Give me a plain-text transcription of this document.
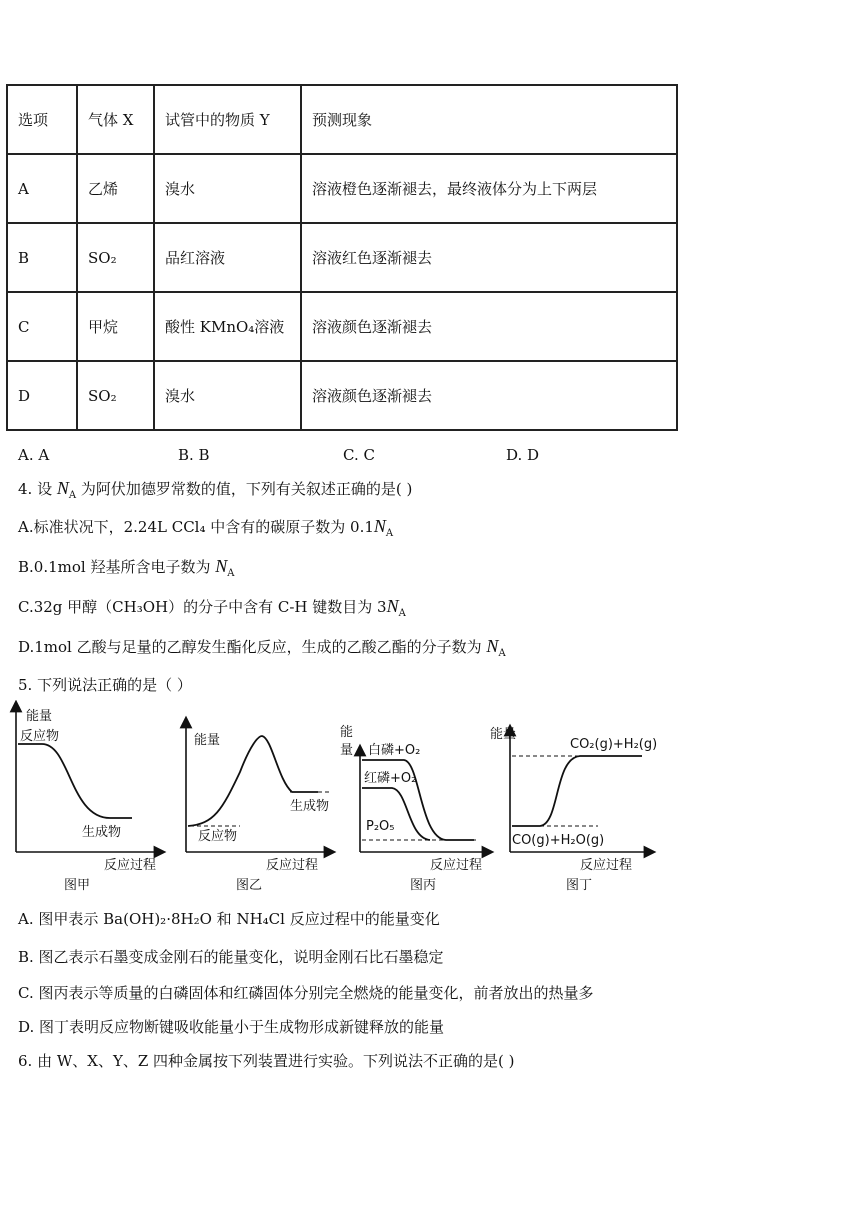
选项	气体 X	试管中的物质 Y	预测现象
A	乙烯	溴水	溶液橙色逐渐褪去，最终液体分为上下两层
B	SO₂	品红溶液	溶液红色逐渐褪去
C	甲烷	酸性 KMnO₄溶液	溶液颜色逐渐褪去
D	SO₂	溴水	溶液颜色逐渐褪去
A. A	B. B	C. C	D. D
4. 设 $N_A$ 为阿伏加德罗常数的值，下列有关叙述正确的是( )
A.标准状况下，2.24L CCl₄ 中含有的碳原子数为 $0.1N_A$
B.0.1mol 羟基所含电子数为 $N_A$
C.32g 甲醇（CH₃OH）的分子中含有 C-H 键数目为 $3N_A$
D.1mol 乙酸与足量的乙醇发生酯化反应，生成的乙酸乙酯的分子数为 $N_A$
5. 下列说法正确的是（ ）
能量
反应物
生成物
反应过程
图甲
能量
反应物
生成物
反应过程
图乙
能
量 白磷+O₂
红磷+O₂
P₂O₅
反应过程
图丙
能量
CO₂(g)+H₂(g)
CO(g)+H₂O(g)
反应过程
图丁
A. 图甲表示 Ba(OH)₂·8H₂O 和 NH₄Cl 反应过程中的能量变化
B. 图乙表示石墨变成金刚石的能量变化，说明金刚石比石墨稳定
C. 图丙表示等质量的白磷固体和红磷固体分别完全燃烧的能量变化，前者放出的热量多
D. 图丁表明反应物断键吸收能量小于生成物形成新键释放的能量
6. 由 W、X、Y、Z 四种金属按下列装置进行实验。下列说法不正确的是( )
